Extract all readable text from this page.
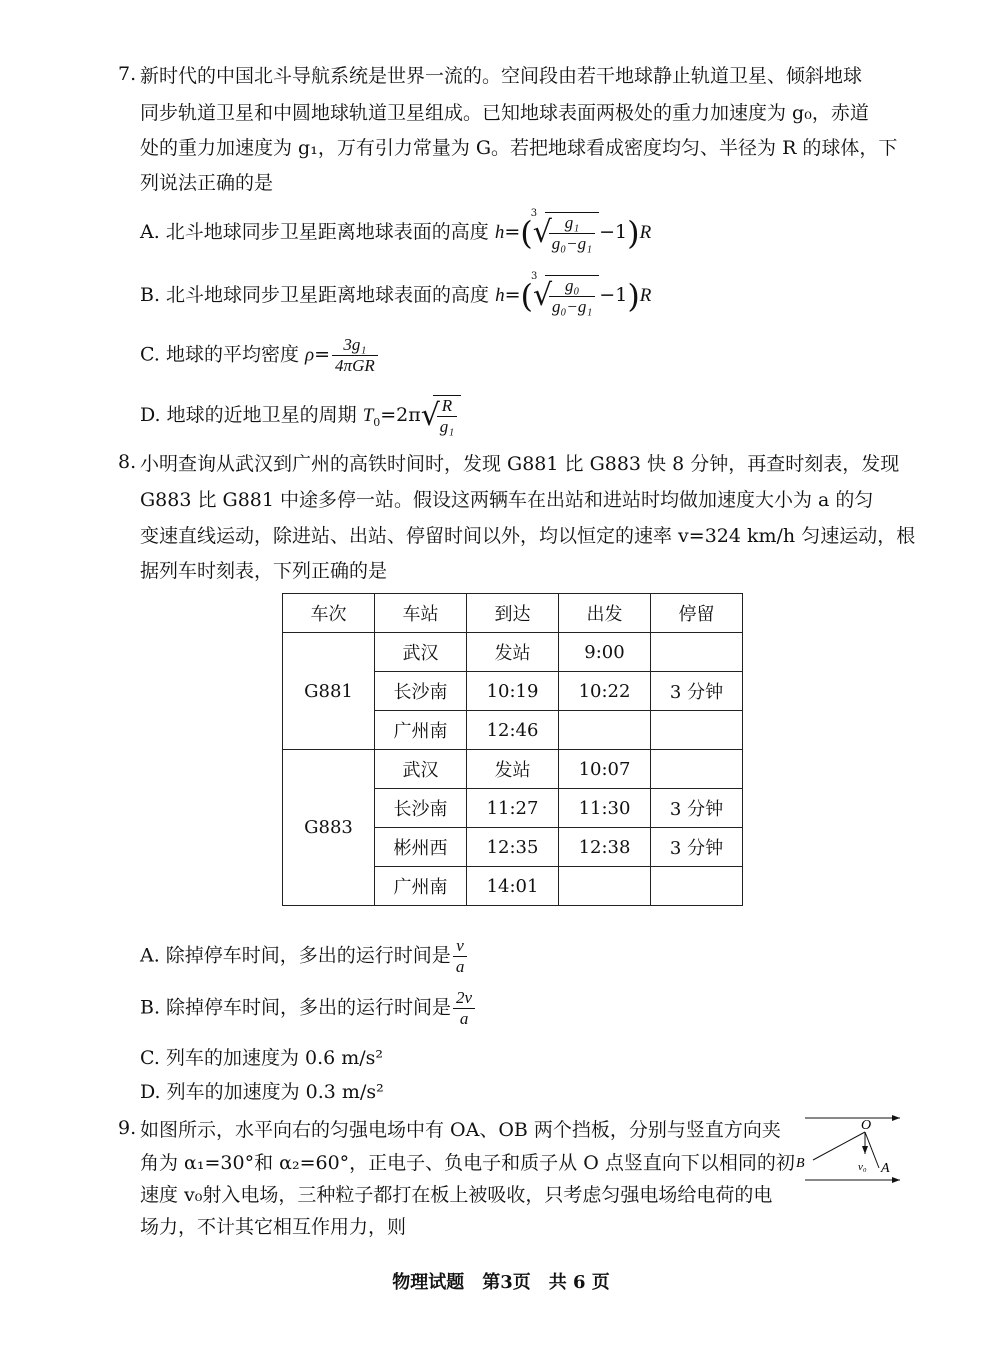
7. 新时代的中国北斗导航系统是世界一流的。空间段由若干地球静止轨道卫星、倾斜地球
同步轨道卫星和中圆地球轨道卫星组成。已知地球表面两极处的重力加速度为 g₀，赤道
处的重力加速度为 g₁，万有引力常量为 G。若把地球看成密度均匀、半径为 R 的球体，下
列说法正确的是
A. 北斗地球同步卫星距离地球表面的高度 h=(
3
√
$\frac{\text{g₁}}{\text{g₀−g₁}} -1)R$
B. 北斗地球同步卫星距离地球表面的高度 h=(
3
√
$\frac{\text{g₀}}{\text{g₀−g₁}} -1)R$
C. 地球的平均密度 $\rho= \frac{\text{3g₁}}{\text{4πGR}}$
D. 地球的近地卫星的周期 $T_0=2\pi$ √
$\frac{R}{\text{g₁}}$
8. 小明查询从武汉到广州的高铁时间时，发现 G881 比 G883 快 8 分钟，再查时刻表，发现
G883 比 G881 中途多停一站。假设这两辆车在出站和进站时均做加速度大小为 a 的匀
变速直线运动，除进站、出站、停留时间以外，均以恒定的速率 v=324 km/h 匀速运动，根
据列车时刻表，下列正确的是
车次	车站	到达	出发	停留
G881	武汉	发站	9:00	
	长沙南	10:19	10:22	3 分钟
	广州南	12:46		
G883	武汉	发站	10:07	
	长沙南	11:27	11:30	3 分钟
	彬州西	12:35	12:38	3 分钟
	广州南	14:01		
A. 除掉停车时间，多出的运行时间是 $\frac{v}{a}$
B. 除掉停车时间，多出的运行时间是 $\frac{2v}{a}$
C. 列车的加速度为 0.6 m/s²
D. 列车的加速度为 0.3 m/s²
9. 如图所示，水平向右的匀强电场中有 OA、OB 两个挡板，分别与竖直方向夹
角为 α₁=30°和 α₂=60°，正电子、负电子和质子从 O 点竖直向下以相同的初
速度 v₀射入电场，三种粒子都打在板上被吸收，只考虑匀强电场给电荷的电
场力，不计其它相互作用力，则
O
A
B	v₀
物理试题　第3页　共 6 页
